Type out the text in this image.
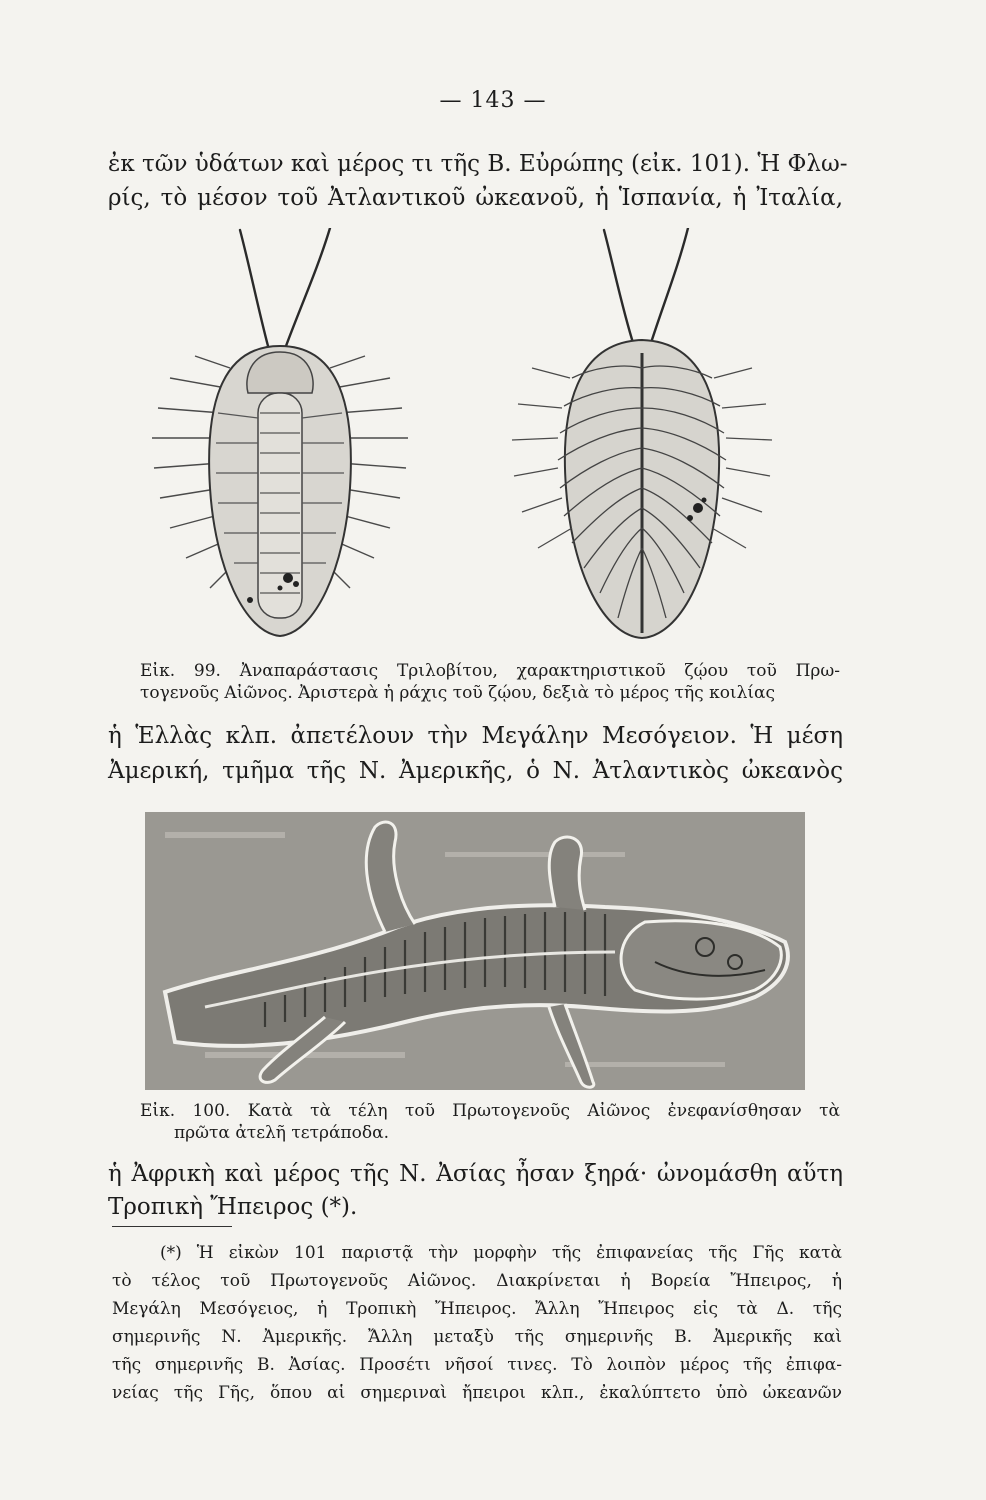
— 143 —
ἐκ τῶν ὑδάτων καὶ μέρος τι τῆς Β. Εὐρώπης (εἰκ. 101). Ἡ Φλω-
ρίς, τὸ μέσον τοῦ Ἀτλαντικοῦ ὠκεανοῦ, ἡ Ἱσπανία, ἡ Ἰταλία,
Εἰκ. 99. Ἀναπαράστασις Τριλοβίτου, χαρακτηριστικοῦ ζῴου τοῦ Πρω-
τογενοῦς Αἰῶνος. Ἀριστερὰ ἡ ράχις τοῦ ζῴου, δεξιὰ τὸ μέρος τῆς κοιλίας
ἡ Ἑλλὰς κλπ. ἀπετέλουν τὴν Μεγάλην Μεσόγειον. Ἡ μέση
Ἀμερική, τμῆμα τῆς Ν. Ἀμερικῆς, ὁ Ν. Ἀτλαντικὸς ὠκεανὸς
Εἰκ. 100. Κατὰ τὰ τέλη τοῦ Πρωτογενοῦς Αἰῶνος ἐνεφανίσθησαν τὰ
πρῶτα ἀτελῆ τετράποδα.
ἡ Ἀφρικὴ καὶ μέρος τῆς Ν. Ἀσίας ἦσαν ξηρά· ὠνομάσθη αὕτη
Τροπικὴ Ἤπειρος (*).
(*) Ἡ εἰκὼν 101 παριστᾷ τὴν μορφὴν τῆς ἐπιφανείας τῆς Γῆς κατὰ
τὸ τέλος τοῦ Πρωτογενοῦς Αἰῶνος. Διακρίνεται ἡ Βορεία Ἤπειρος, ἡ
Μεγάλη Μεσόγειος, ἡ Τροπικὴ Ἤπειρος. Ἄλλη Ἤπειρος εἰς τὰ Δ. τῆς
σημερινῆς Ν. Ἀμερικῆς. Ἄλλη μεταξὺ τῆς σημερινῆς Β. Ἀμερικῆς καὶ
τῆς σημερινῆς Β. Ἀσίας. Προσέτι νῆσοί τινες. Τὸ λοιπὸν μέρος τῆς ἐπιφα-
νείας τῆς Γῆς, ὅπου αἱ σημεριναὶ ἤπειροι κλπ., ἐκαλύπτετο ὑπὸ ὠκεανῶν
